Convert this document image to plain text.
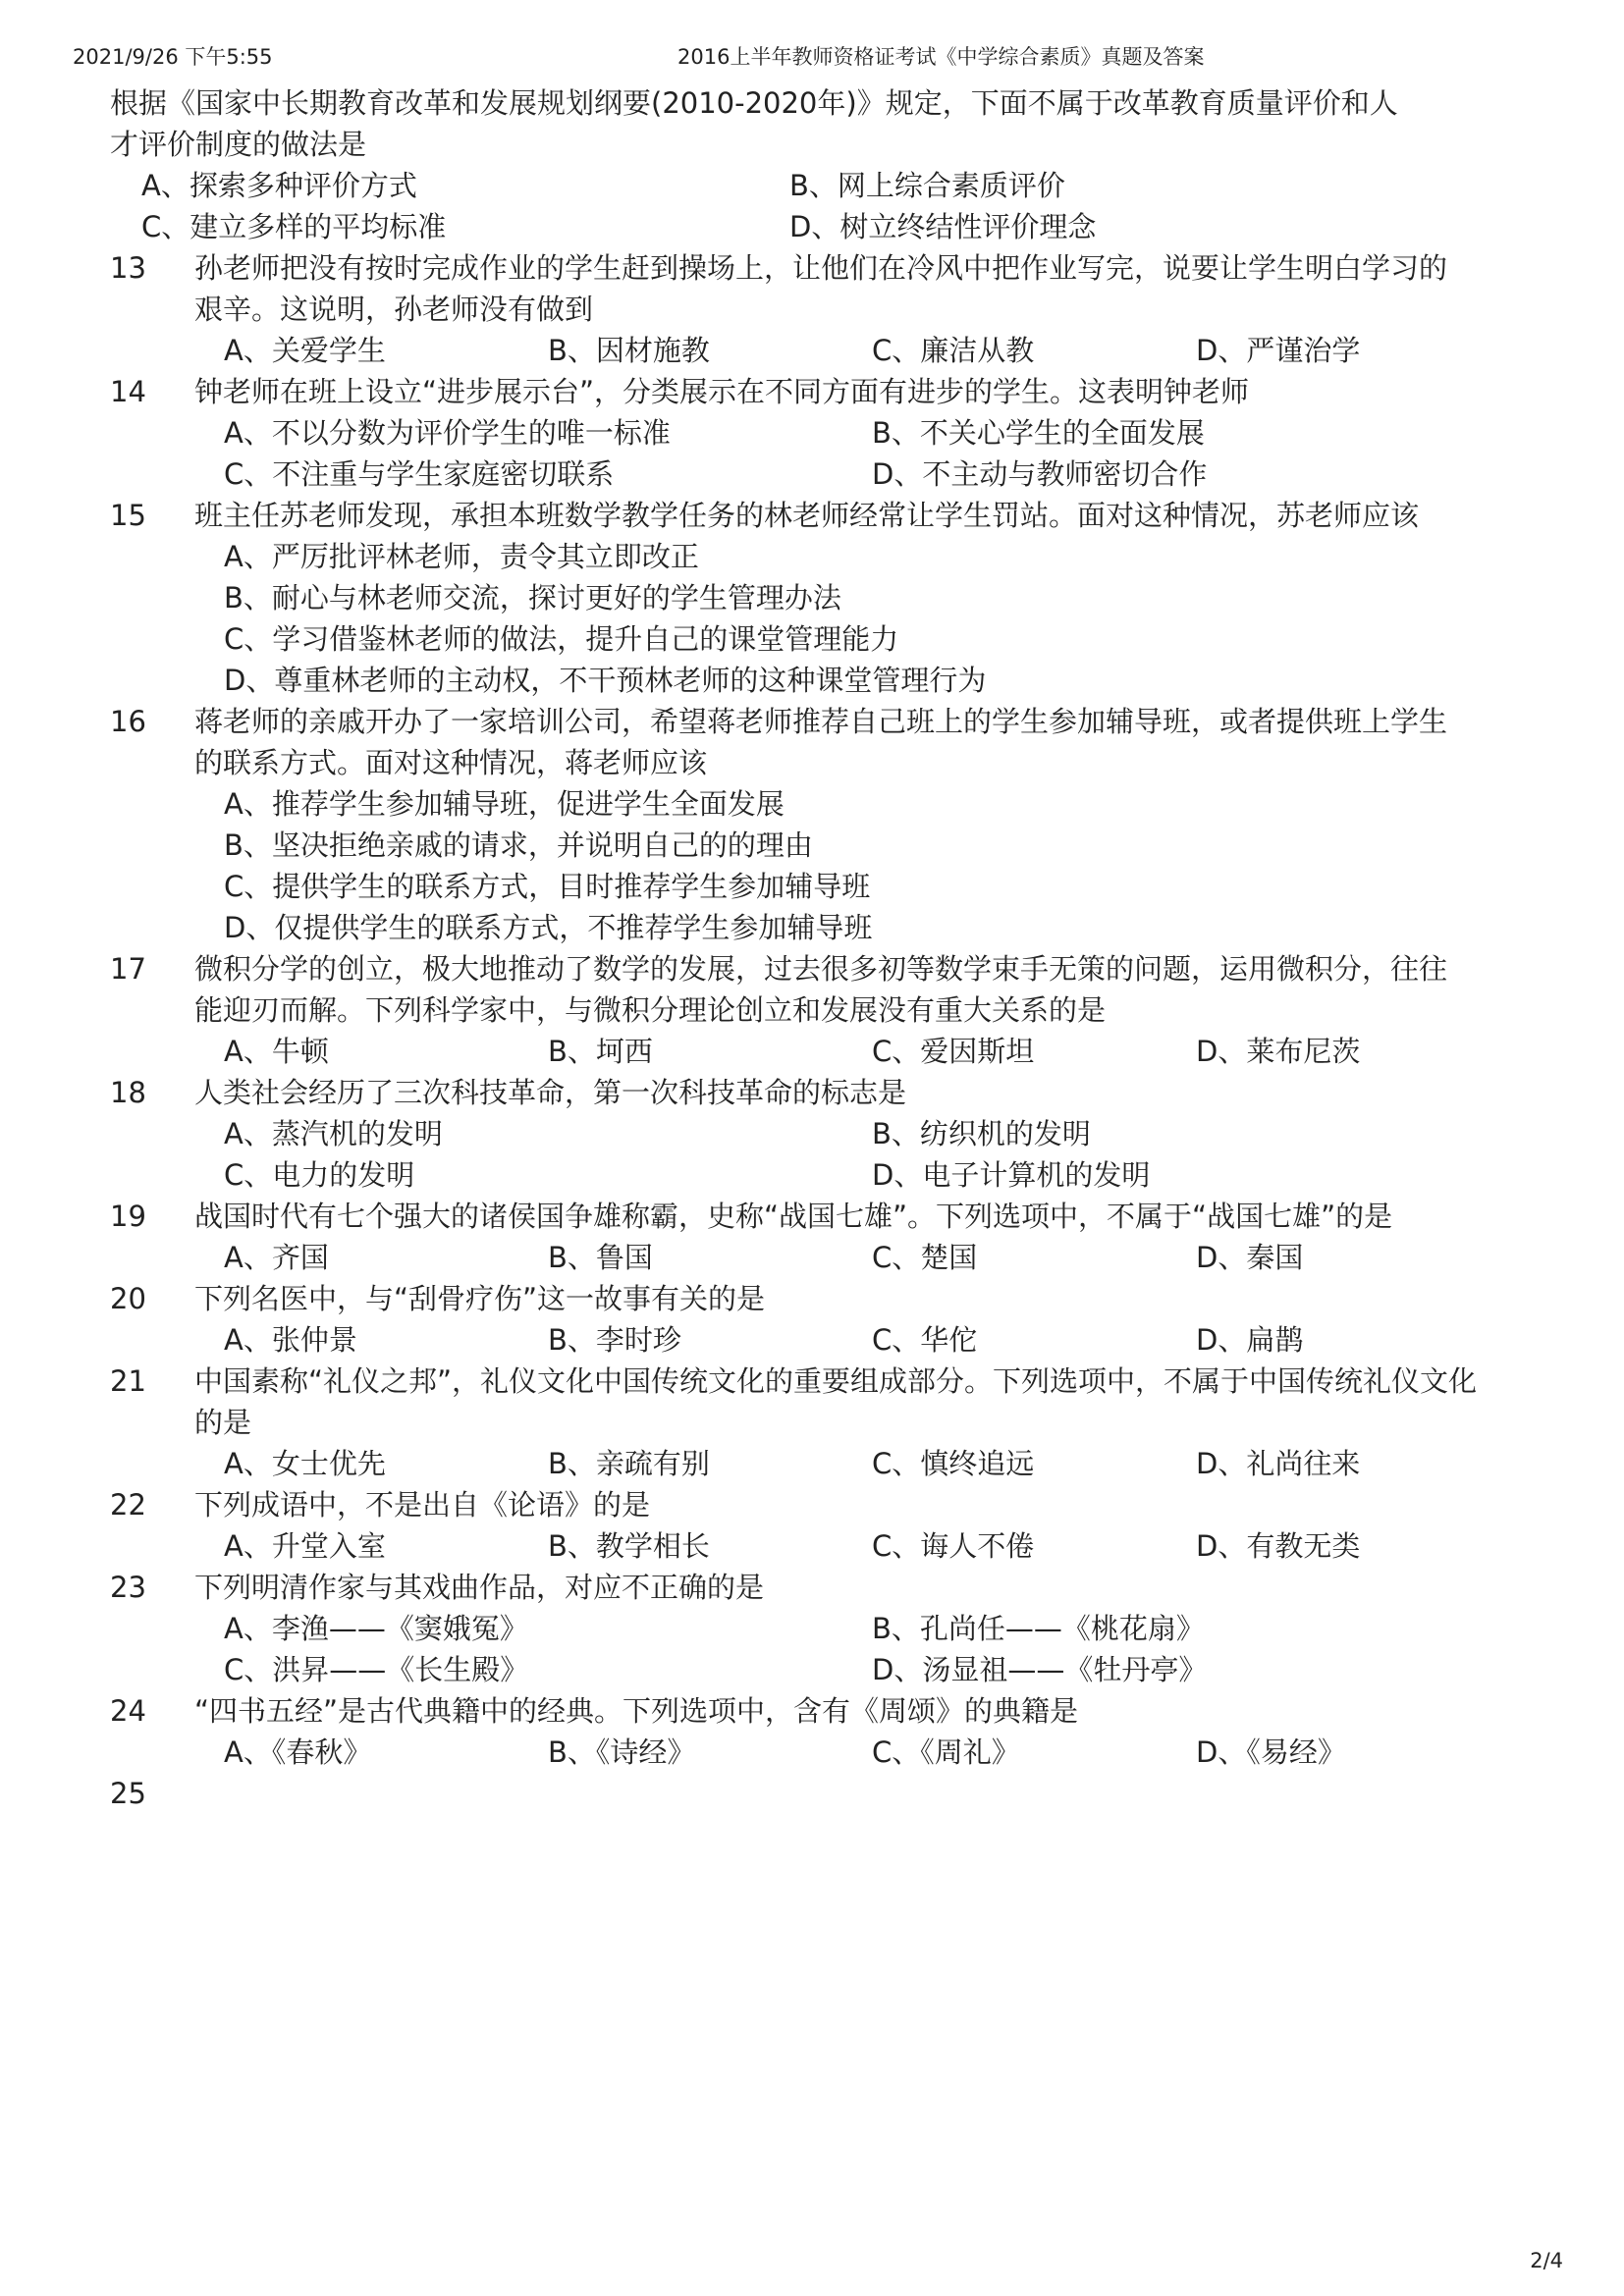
2021/9/26 下午5:55	2016上半年教师资格证考试《中学综合素质》真题及答案
根据《国家中长期教育改革和发展规划纲要(2010-2020年)》规定，下面不属于改革教育质量评价和人
才评价制度的做法是
A、探索多种评价方式	B、网上综合素质评价
C、建立多样的平均标准	D、树立终结性评价理念
13 孙老师把没有按时完成作业的学生赶到操场上，让他们在冷风中把作业写完，说要让学生明白学习的
艰辛。这说明，孙老师没有做到
A、关爱学生	B、因材施教	C、廉洁从教	D、严谨治学
14 钟老师在班上设立“进步展示台”，分类展示在不同方面有进步的学生。这表明钟老师
A、不以分数为评价学生的唯一标准	B、不关心学生的全面发展
C、不注重与学生家庭密切联系	D、不主动与教师密切合作
15 班主任苏老师发现，承担本班数学教学任务的林老师经常让学生罚站。面对这种情况，苏老师应该
A、严厉批评林老师，责令其立即改正
B、耐心与林老师交流，探讨更好的学生管理办法
C、学习借鉴林老师的做法，提升自己的课堂管理能力
D、尊重林老师的主动权，不干预林老师的这种课堂管理行为
16 蒋老师的亲戚开办了一家培训公司，希望蒋老师推荐自己班上的学生参加辅导班，或者提供班上学生
的联系方式。面对这种情况，蒋老师应该
A、推荐学生参加辅导班，促进学生全面发展
B、坚决拒绝亲戚的请求，并说明自己的的理由
C、提供学生的联系方式，目时推荐学生参加辅导班
D、仅提供学生的联系方式，不推荐学生参加辅导班
17 微积分学的创立，极大地推动了数学的发展，过去很多初等数学束手无策的问题，运用微积分，往往
能迎刃而解。下列科学家中，与微积分理论创立和发展没有重大关系的是
A、牛顿	B、坷西	C、爱因斯坦	D、莱布尼茨
18 人类社会经历了三次科技革命，第一次科技革命的标志是
A、蒸汽机的发明	B、纺织机的发明
C、电力的发明	D、电子计算机的发明
19 战国时代有七个强大的诸侯国争雄称霸，史称“战国七雄”。下列选项中，不属于“战国七雄”的是
A、齐国	B、鲁国	C、楚国	D、秦国
20 下列名医中，与“刮骨疗伤”这一故事有关的是
A、张仲景	B、李时珍	C、华佗	D、扁鹊
21 中国素称“礼仪之邦”，礼仪文化中国传统文化的重要组成部分。下列选项中，不属于中国传统礼仪文化
的是
A、女士优先	B、亲疏有别	C、慎终追远	D、礼尚往来
22 下列成语中，不是出自《论语》的是
A、升堂入室	B、教学相长	C、诲人不倦	D、有教无类
23 下列明清作家与其戏曲作品，对应不正确的是
A、李渔——《窦娥冤》	B、孔尚任——《桃花扇》
C、洪昇——《长生殿》	D、汤显祖——《牡丹亭》
24 “四书五经”是古代典籍中的经典。下列选项中，含有《周颂》的典籍是
A、《春秋》	B、《诗经》	C、《周礼》	D、《易经》
25
2/4
